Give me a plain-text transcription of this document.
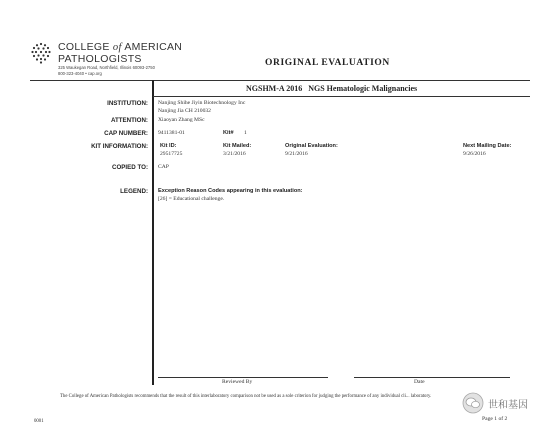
COLLEGE of AMERICAN
PATHOLOGISTS
325 Waukegan Road, Northfield, Illinois 60093-2750
800-323-4040 • cap.org
ORIGINAL EVALUATION
NGSHM-A 2016 NGS Hematologic Malignancies
INSTITUTION: Nanjing Shihe Jiyin Biotechnology Inc
Nanjing Jia CH 210032
ATTENTION: Xiaoyan Zhang MSc
CAP NUMBER: 9411381-01	Kit# 1
KIT INFORMATION: Kit ID:
29517725
Kit Mailed:
3/21/2016
Original Evaluation:
9/21/2016
Next Mailing Date:
9/26/2016
COPIED TO: CAP
LEGEND: Exception Reason Codes appearing in this evaluation:
[26] = Educational challenge.
Reviewed By	Date
The College of American Pathologists recommends that the result of this interlaboratory comparison not be used as a sole criterion for judging the performance of any individual cli... laboratory.
Page 1 of 2
0001
世和基因
